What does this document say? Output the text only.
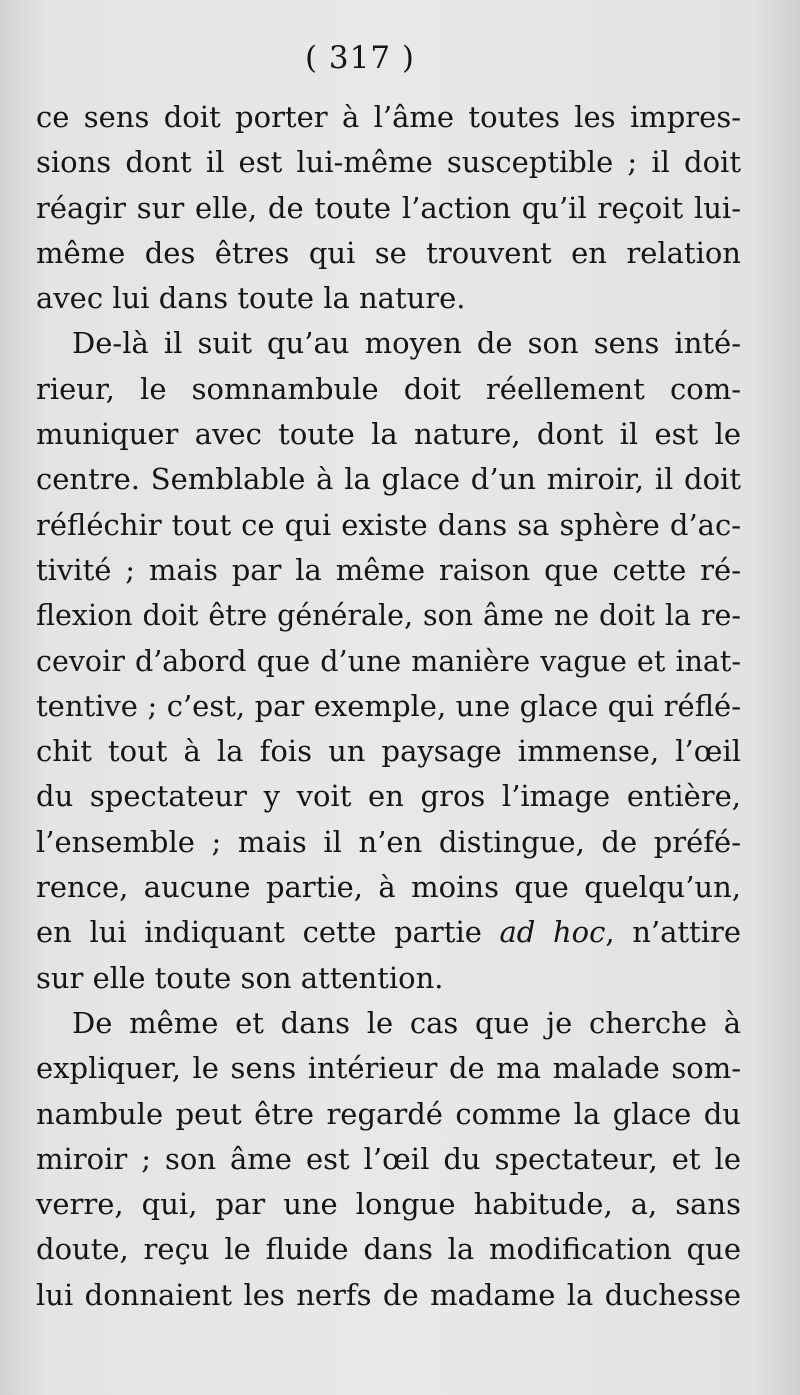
( 317 )
ce sens doit porter à l’âme toutes les impres-
sions dont il est lui-même susceptible ; il doit
réagir sur elle, de toute l’action qu’il reçoit lui-
même des êtres qui se trouvent en relation
avec lui dans toute la nature.
De-là il suit qu’au moyen de son sens inté-
rieur, le somnambule doit réellement com-
muniquer avec toute la nature, dont il est le
centre. Semblable à la glace d’un miroir, il doit
réfléchir tout ce qui existe dans sa sphère d’ac-
tivité ; mais par la même raison que cette ré-
flexion doit être générale, son âme ne doit la re-
cevoir d’abord que d’une manière vague et inat-
tentive ; c’est, par exemple, une glace qui réflé-
chit tout à la fois un paysage immense, l’œil
du spectateur y voit en gros l’image entière,
l’ensemble ; mais il n’en distingue, de préfé-
rence, aucune partie, à moins que quelqu’un,
en lui indiquant cette partie ad hoc, n’attire
sur elle toute son attention.
De même et dans le cas que je cherche à
expliquer, le sens intérieur de ma malade som-
nambule peut être regardé comme la glace du
miroir ; son âme est l’œil du spectateur, et le
verre, qui, par une longue habitude, a, sans
doute, reçu le fluide dans la modification que
lui donnaient les nerfs de madame la duchesse
